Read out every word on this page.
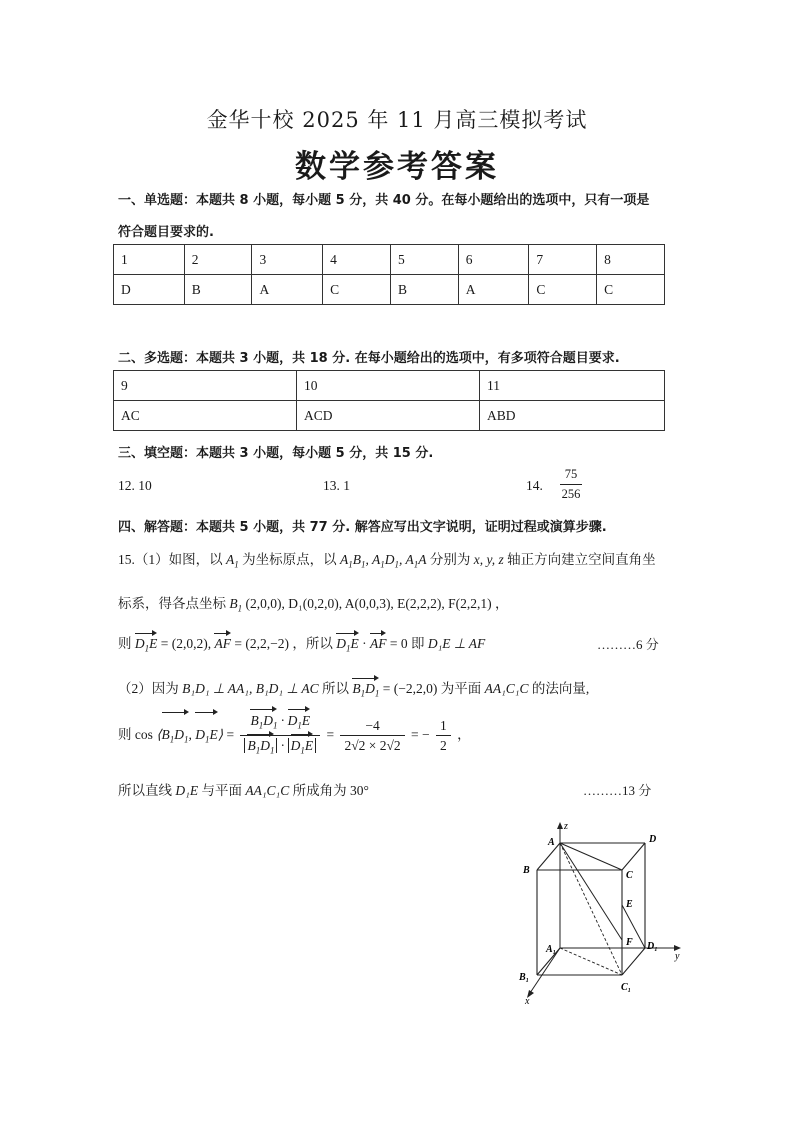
金华十校 2025 年 11 月高三模拟考试
数学参考答案
一、单选题：本题共 8 小题，每小题 5 分，共 40 分。在每小题给出的选项中，只有一项是
符合题目要求的.
1	2	3	4	5	6	7	8
D	B	A	C	B	A	C	C
二、多选题：本题共 3 小题，共 18 分. 在每小题给出的选项中，有多项符合题目要求.
9	10	11
AC	ACD	ABD
三、填空题：本题共 3 小题，每小题 5 分，共 15 分.
12. 10	13. 1	14.
75
256
四、解答题：本题共 5 小题，共 77 分. 解答应写出文字说明，证明过程或演算步骤.
15.（1）如图，以 $A_1$ 为坐标原点，以 $A_1B_1$, $A_1D_1$, $A_1A$ 分别为 x, y, z 轴正方向建立空间直角坐
标系，得各点坐标 $B_1$ (2,0,0), D₁(0,2,0), A(0,0,3), E(2,2,2), F(2,2,1) ，
则 $D_1E = (2,0,2)$, AF = (2,2,−2) ，所以 $D_1E$ · AF = 0 即 D₁E ⊥ AF	………6 分
（2）因为 B₁D₁ ⊥ AA₁, B₁D₁ ⊥ AC 所以 $B_1D_1 = (-2,2,0)$ 为平面 AA₁C₁C 的法向量,
则 $\cos ⟨B_1D_1$, $D_1E⟩ = \frac{B_1D_1 \cdot D_1E}{B_1D_1 \cdot D_1E} = \frac{-4}{2√2 \times 2√2}$ = − $\frac{1}{2}$ ，
所以直线 D₁E 与平面 AA₁C₁C 所成角为 30°	………13 分
z
A	D
B	C
E
F
A₁	D₁
B₁
C₁
x
y
